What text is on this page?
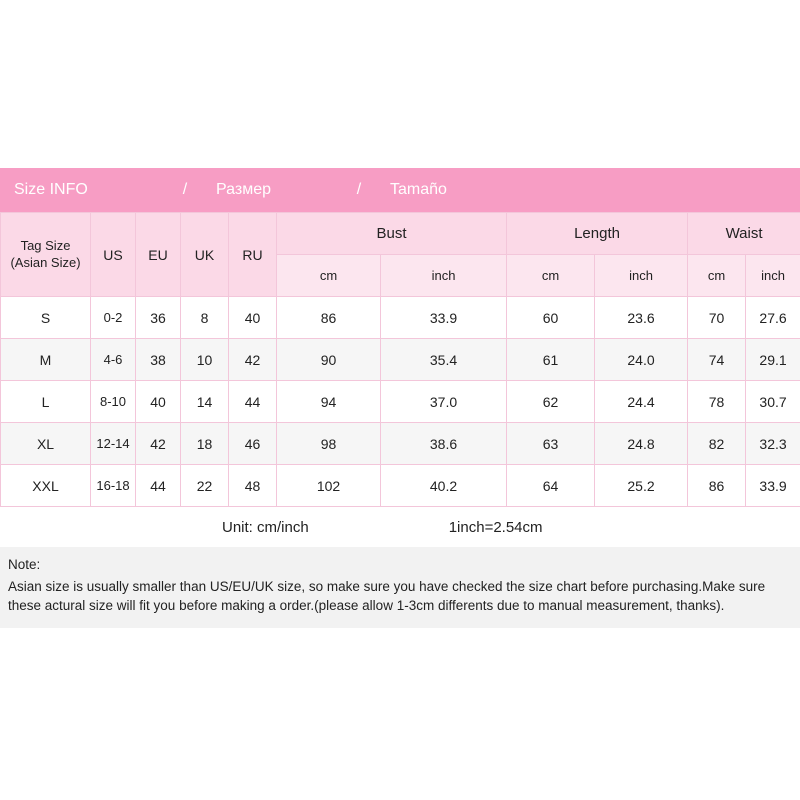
Size INFO	/	Размер	/	Tamaño
Tag Size
(Asian Size)	US	EU	UK	RU	Bust		Length		Waist	
					cm	inch	cm	inch	cm	inch
S	0-2	36	8	40	86	33.9	60	23.6	70	27.6
M	4-6	38	10	42	90	35.4	61	24.0	74	29.1
L	8-10	40	14	44	94	37.0	62	24.4	78	30.7
XL	12-14	42	18	46	98	38.6	63	24.8	82	32.3
XXL	16-18	44	22	48	102	40.2	64	25.2	86	33.9
Unit: cm/inch	1inch=2.54cm
Note:
Asian size is usually smaller than US/EU/UK size, so make sure you have checked the size chart before purchasing.Make sure these actural size will fit you before making a order.(please allow 1-3cm differents due to manual measurement, thanks).
